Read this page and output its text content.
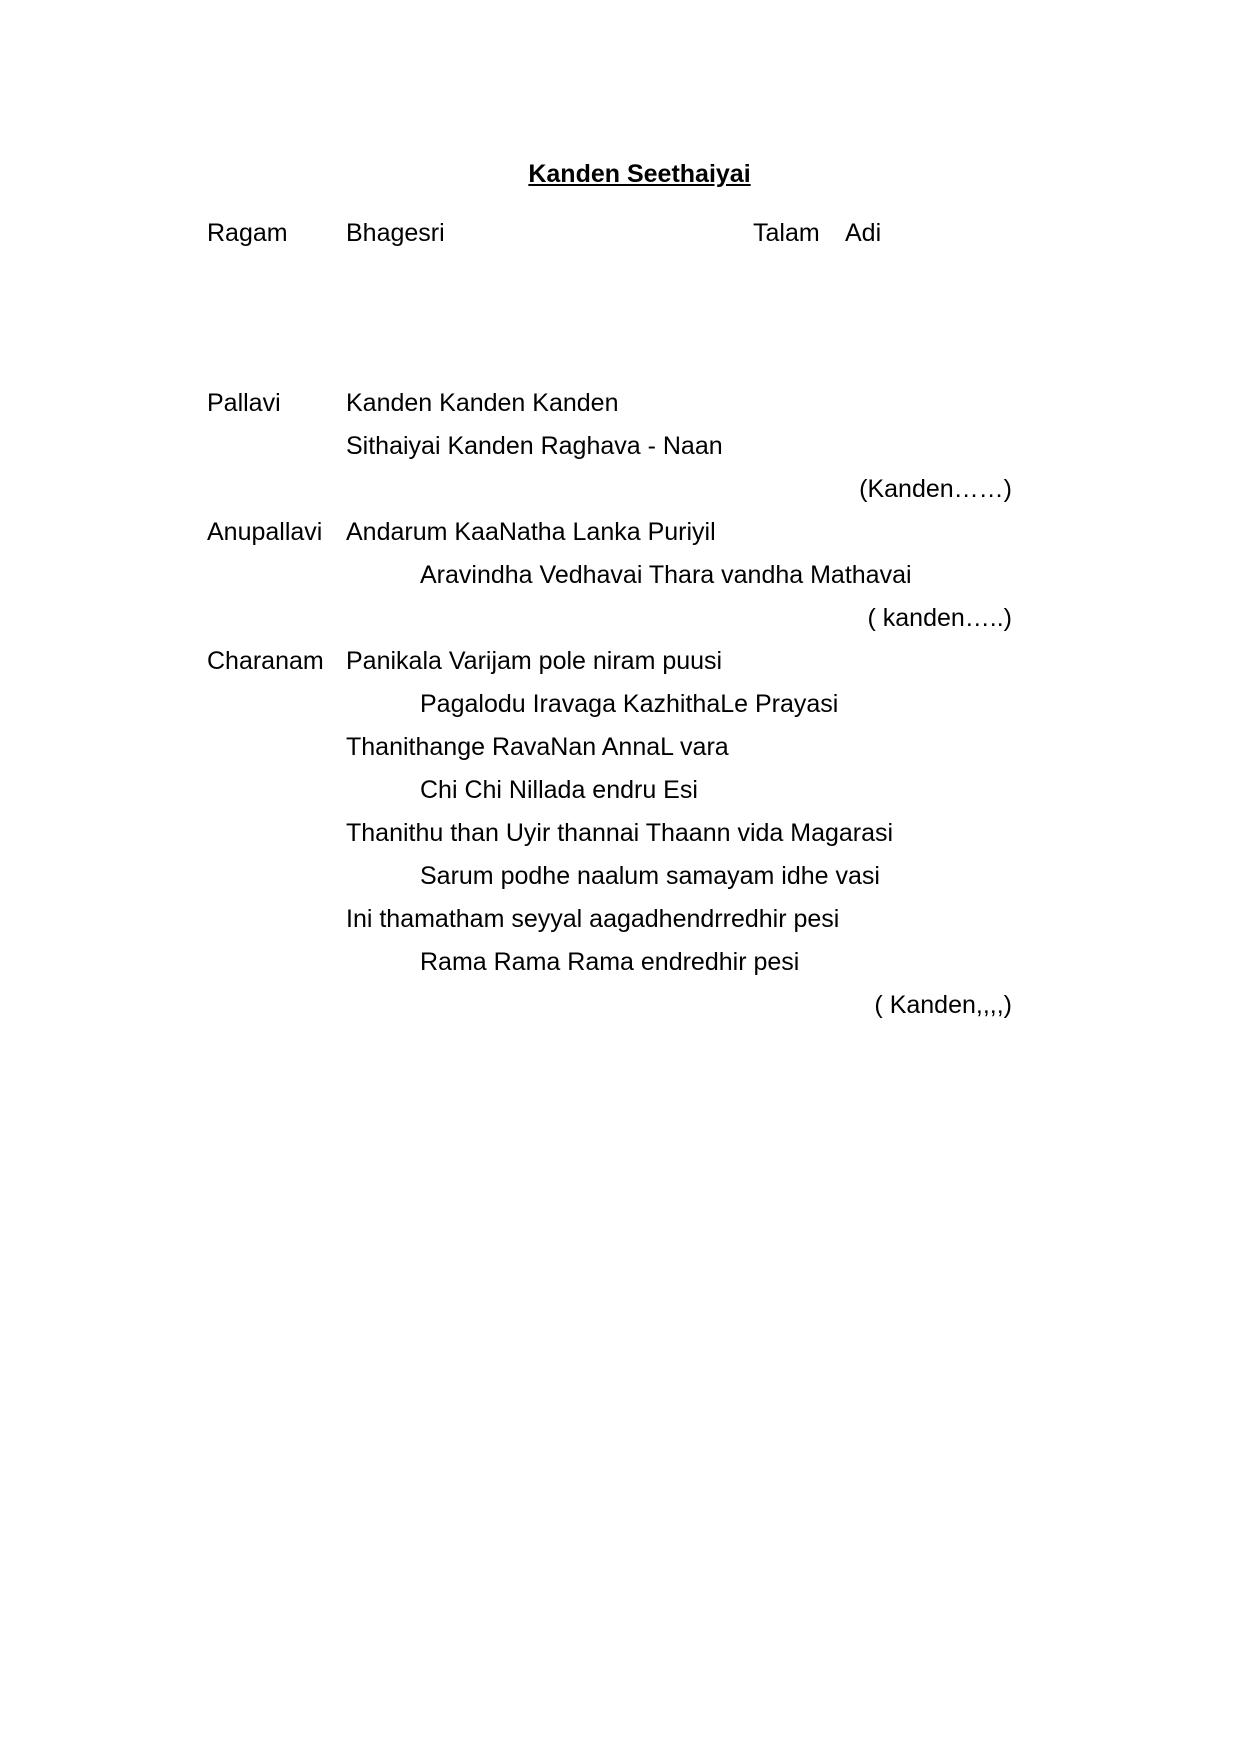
Kanden Seethaiyai
Ragam Bhagesri	Talam Adi
Pallavi	Kanden Kanden Kanden
Sithaiyai Kanden Raghava - Naan
(Kanden……)
Anupallavi Andarum KaaNatha Lanka Puriyil
Aravindha Vedhavai Thara vandha Mathavai
( kanden…..)
Charanam Panikala Varijam pole niram puusi
Pagalodu Iravaga KazhithaLe Prayasi
Thanithange RavaNan AnnaL vara
Chi Chi Nillada endru Esi
Thanithu than Uyir thannai Thaann vida Magarasi
Sarum podhe naalum samayam idhe vasi
Ini thamatham seyyal aagadhendrredhir pesi
Rama Rama Rama endredhir pesi
( Kanden,,,,)
